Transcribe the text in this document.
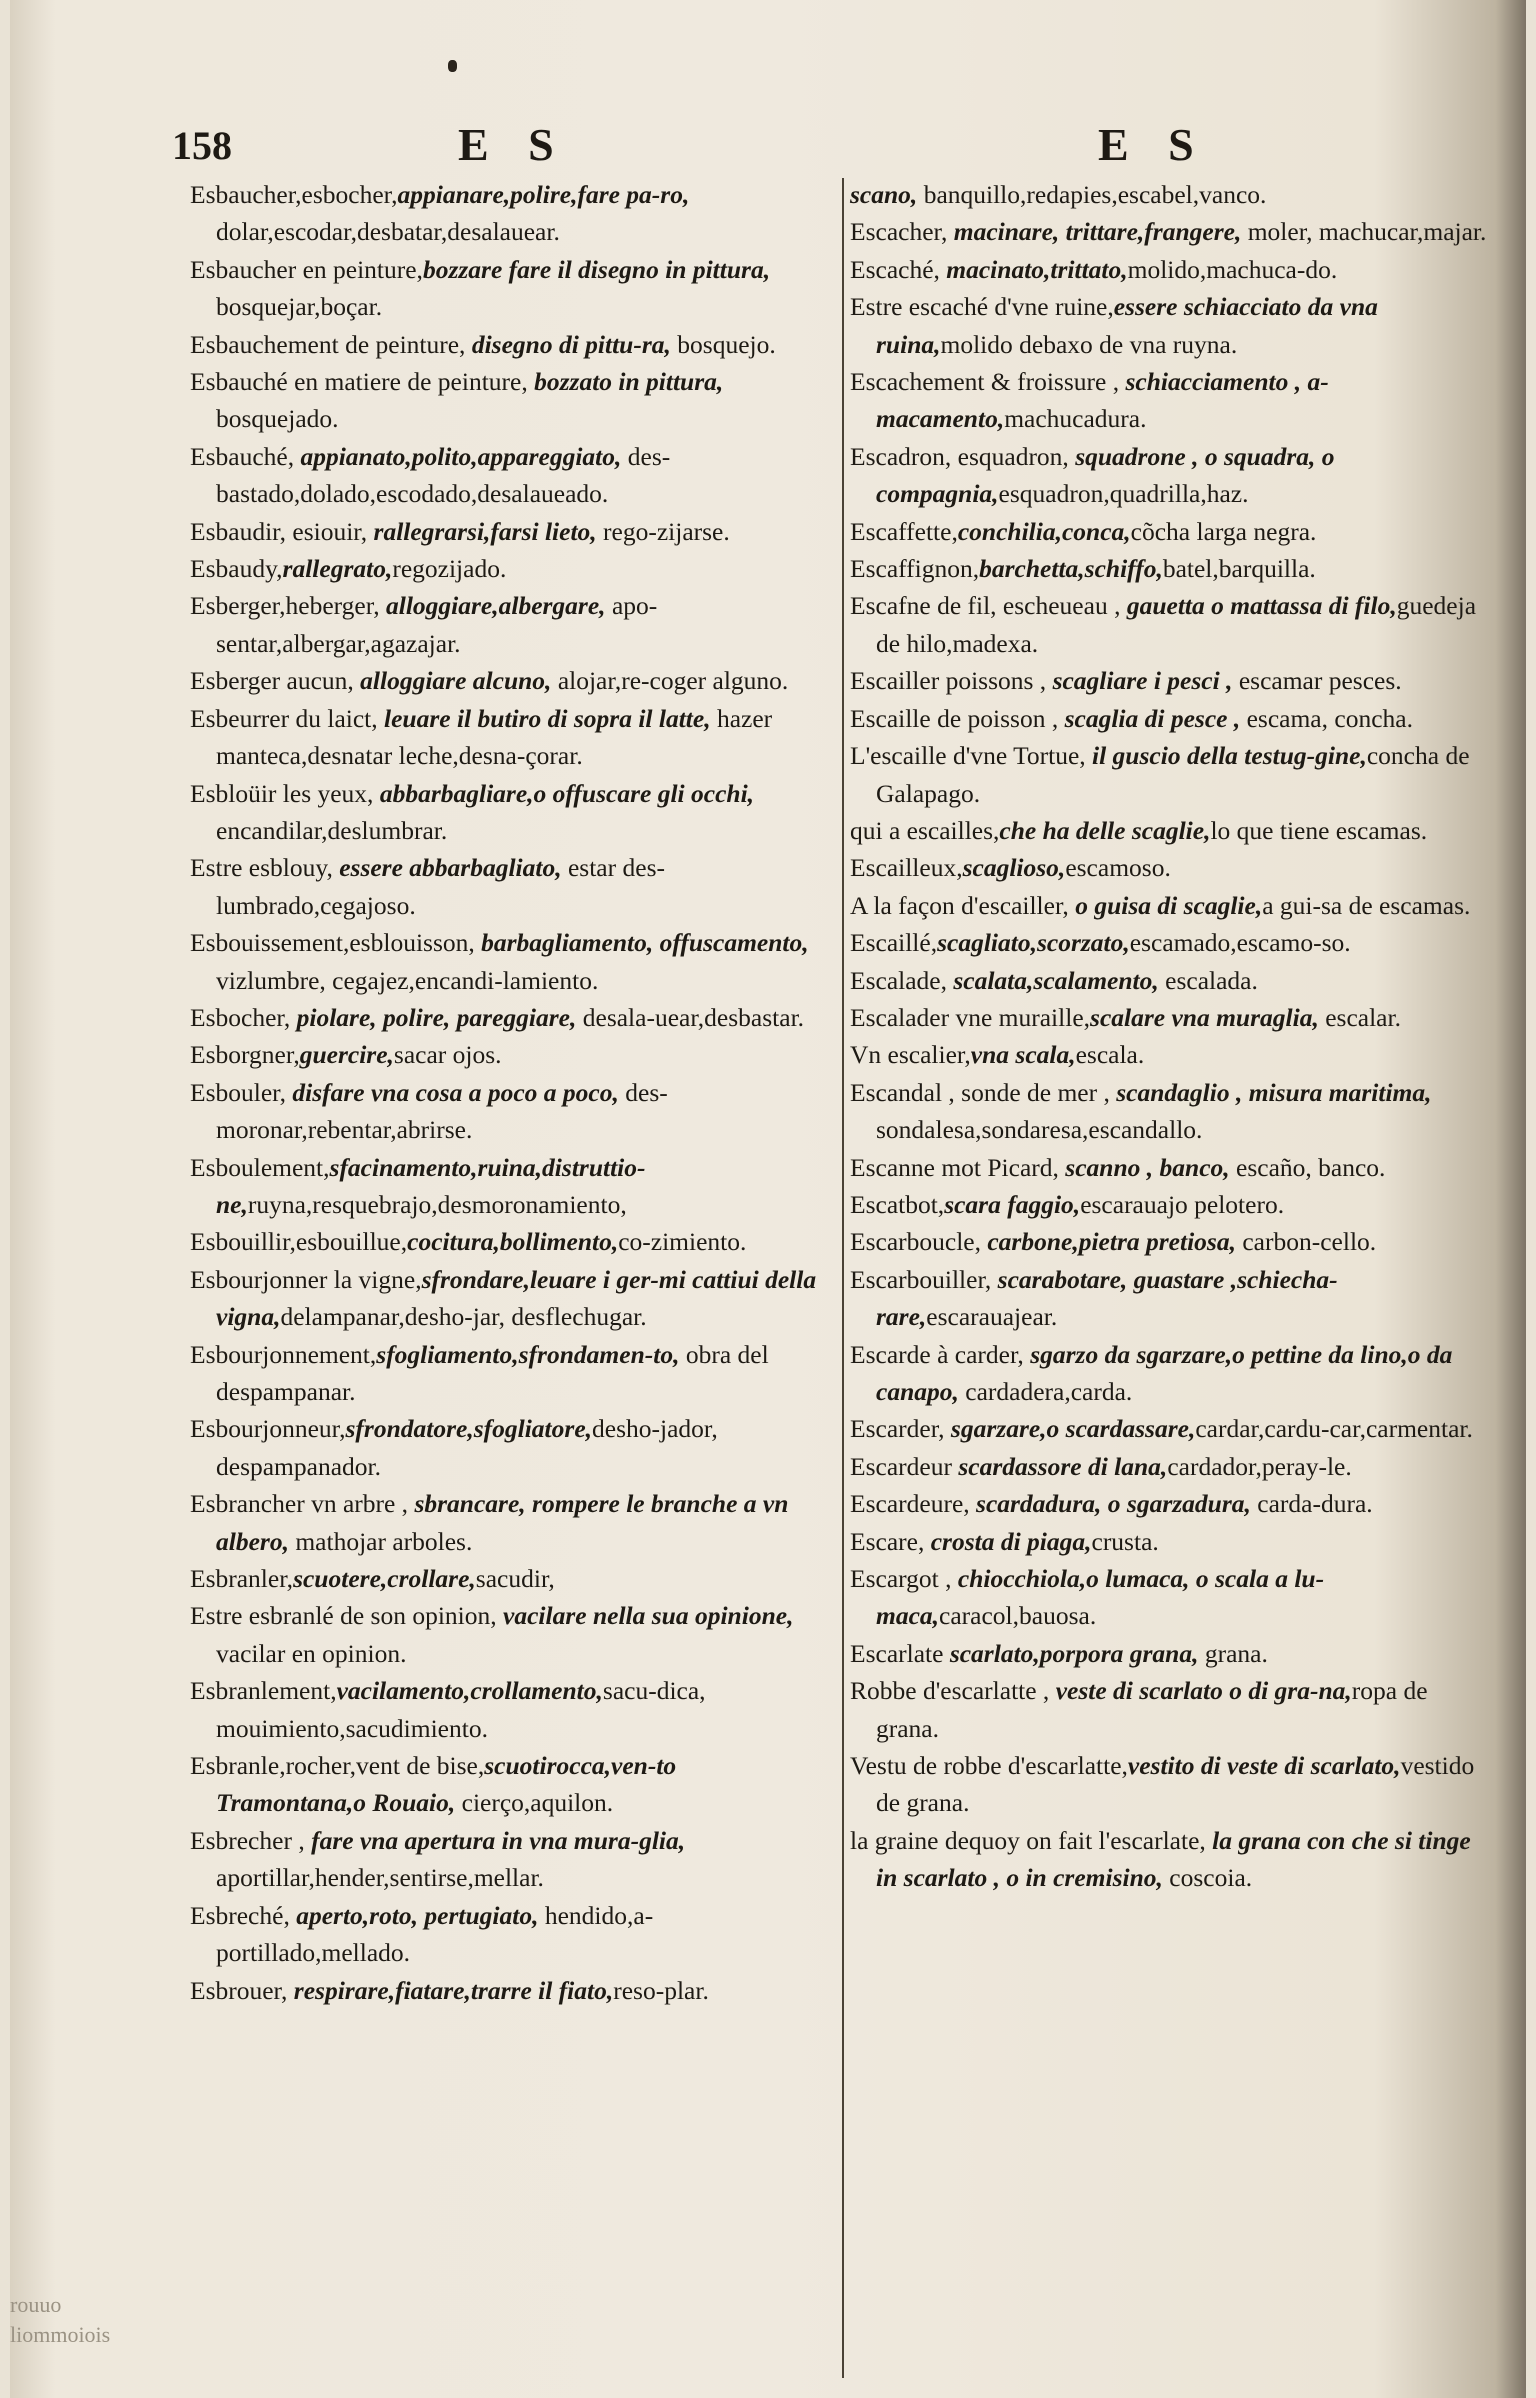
158	E S	E S

Esbaucher,esbocher,appianare,polire,fare pa-ro, dolar,escodar,desbatar,desalauear.

Esbaucher en peinture,bozzare fare il disegno in pittura, bosquejar,boçar.

Esbauchement de peinture, disegno di pittu-ra, bosquejo.

Esbauché en matiere de peinture, bozzato in pittura, bosquejado.

Esbauché, appianato,polito,appareggiato, des-bastado,dolado,escodado,desalaueado.

Esbaudir, esiouir, rallegrarsi,farsi lieto, rego-zijarse.

Esbaudy,rallegrato,regozijado.

Esberger,heberger, alloggiare,albergare, apo-sentar,albergar,agazajar.

Esberger aucun, alloggiare alcuno, alojar,re-coger alguno.

Esbeurrer du laict, leuare il butiro di sopra il latte, hazer manteca,desnatar leche,desna-çorar.

Esbloüir les yeux, abbarbagliare,o offuscare gli occhi, encandilar,deslumbrar.

Estre esblouy, essere abbarbagliato, estar des-lumbrado,cegajoso.

Esbouissement,esblouisson, barbagliamento, offuscamento, vizlumbre, cegajez,encandi-lamiento.

Esbocher, piolare, polire, pareggiare, desala-uear,desbastar.

Esborgner,guercire,sacar ojos.

Esbouler, disfare vna cosa a poco a poco, des-moronar,rebentar,abrirse.

Esboulement,sfacinamento,ruina,distruttio-ne,ruyna,resquebrajo,desmoronamiento,

Esbouillir,esbouillue,cocitura,bollimento,co-zimiento.

Esbourjonner la vigne,sfrondare,leuare i ger-mi cattiui della vigna,delampanar,desho-jar, desflechugar.

Esbourjonnement,sfogliamento,sfrondamen-to, obra del despampanar.

Esbourjonneur,sfrondatore,sfogliatore,desho-jador, despampanador.

Esbrancher vn arbre , sbrancare, rompere le branche a vn albero, mathojar arboles.

Esbranler,scuotere,crollare,sacudir,

Estre esbranlé de son opinion, vacilare nella sua opinione, vacilar en opinion.

Esbranlement,vacilamento,crollamento,sacu-dica, mouimiento,sacudimiento.

Esbranle,rocher,vent de bise,scuotirocca,ven-to Tramontana,o Rouaio, cierço,aquilon.

Esbrecher , fare vna apertura in vna mura-glia, aportillar,hender,sentirse,mellar.

Esbreché, aperto,roto, pertugiato, hendido,a-portillado,mellado.

Esbrouer, respirare,fiatare,trarre il fiato,reso-plar.

scano, banquillo,redapies,escabel,vanco.

Escacher, macinare, trittare,frangere, moler, machucar,majar.

Escaché, macinato,trittato,molido,machuca-do.

Estre escaché d'vne ruine,essere schiacciato da vna ruina,molido debaxo de vna ruyna.

Escachement & froissure , schiacciamento , a-macamento,machucadura.

Escadron, esquadron, squadrone , o squadra, o compagnia,esquadron,quadrilla,haz.

Escaffette,conchilia,conca,cõcha larga negra.

Escaffignon,barchetta,schiffo,batel,barquilla.

Escafne de fil, escheueau , gauetta o mattassa di filo,guedeja de hilo,madexa.

Escailler poissons , scagliare i pesci , escamar pesces.

Escaille de poisson , scaglia di pesce , escama, concha.

L'escaille d'vne Tortue, il guscio della testug-gine,concha de Galapago.

qui a escailles,che ha delle scaglie,lo que tiene escamas.

Escailleux,scaglioso,escamoso.

A la façon d'escailler, o guisa di scaglie,a gui-sa de escamas.

Escaillé,scagliato,scorzato,escamado,escamo-so.

Escalade, scalata,scalamento, escalada.

Escalader vne muraille,scalare vna muraglia, escalar.

Vn escalier,vna scala,escala.

Escandal , sonde de mer , scandaglio , misura maritima, sondalesa,sondaresa,escandallo.

Escanne mot Picard, scanno , banco, escaño, banco.

Escatbot,scara faggio,escarauajo pelotero.

Escarboucle, carbone,pietra pretiosa, carbon-cello.

Escarbouiller, scarabotare, guastare ,schiecha-rare,escarauajear.

Escarde à carder, sgarzo da sgarzare,o pettine da lino,o da canapo, cardadera,carda.

Escarder, sgarzare,o scardassare,cardar,cardu-car,carmentar.

Escardeur scardassore di lana,cardador,peray-le.

Escardeure, scardadura, o sgarzadura, carda-dura.

Escare, crosta di piaga,crusta.

Escargot , chiocchiola,o lumaca, o scala a lu-maca,caracol,bauosa.

Escarlate scarlato,porpora grana, grana.

Robbe d'escarlatte , veste di scarlato o di gra-na,ropa de grana.

Vestu de robbe d'escarlatte,vestito di veste di scarlato,vestido de grana.

la graine dequoy on fait l'escarlate, la grana con che si tinge in scarlato , o in cremisino, coscoia.

rouuo
liommoiois
